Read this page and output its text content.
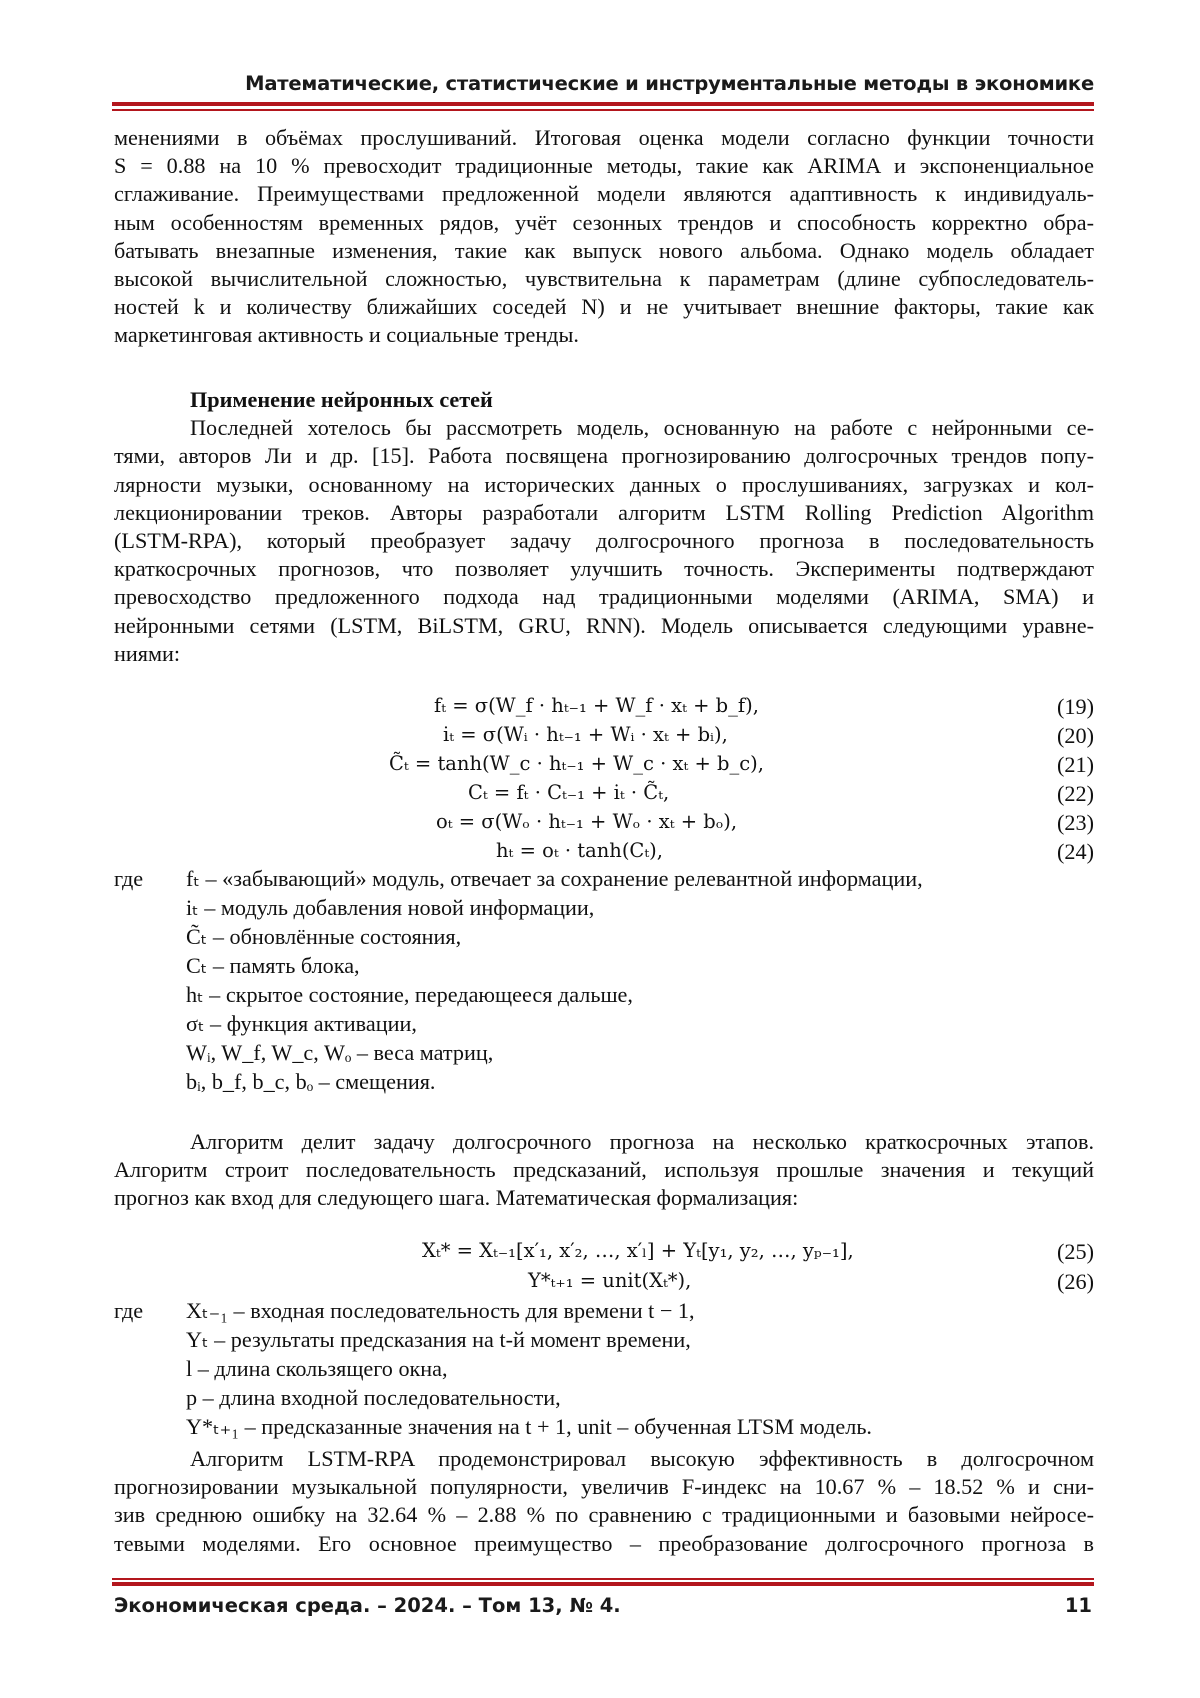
Математические, статистические и инструментальные методы в экономике
менениями в объёмах прослушиваний. Итоговая оценка модели согласно функции точности
S = 0.88 на 10 % превосходит традиционные методы, такие как ARIMA и экспоненциальное
сглаживание. Преимуществами предложенной модели являются адаптивность к индивидуаль-
ным особенностям временных рядов, учёт сезонных трендов и способность корректно обра-
батывать внезапные изменения, такие как выпуск нового альбома. Однако модель обладает
высокой вычислительной сложностью, чувствительна к параметрам (длине субпоследователь-
ностей k и количеству ближайших соседей N) и не учитывает внешние факторы, такие как
маркетинговая активность и социальные тренды.
Применение нейронных сетей
Последней хотелось бы рассмотреть модель, основанную на работе с нейронными се-
тями, авторов Ли и др. [15]. Работа посвящена прогнозированию долгосрочных трендов попу-
лярности музыки, основанному на исторических данных о прослушиваниях, загрузках и кол-
лекционировании треков. Авторы разработали алгоритм LSTM Rolling Prediction Algorithm
(LSTM-RPA), который преобразует задачу долгосрочного прогноза в последовательность
краткосрочных прогнозов, что позволяет улучшить точность. Эксперименты подтверждают
превосходство предложенного подхода над традиционными моделями (ARIMA, SMA) и
нейронными сетями (LSTM, BiLSTM, GRU, RNN). Модель описывается следующими уравне-
ниями:
fₜ = σ(W_f · hₜ₋₁ + W_f · xₜ + b_f),	(19)
iₜ = σ(Wᵢ · hₜ₋₁ + Wᵢ · xₜ + bᵢ),	(20)
C̃ₜ = tanh(W_c · hₜ₋₁ + W_c · xₜ + b_c),	(21)
Cₜ = fₜ · Cₜ₋₁ + iₜ · C̃ₜ,	(22)
oₜ = σ(Wₒ · hₜ₋₁ + Wₒ · xₜ + bₒ),	(23)
hₜ = oₜ · tanh(Cₜ),	(24)
где fₜ – «забывающий» модуль, отвечает за сохранение релевантной информации,
iₜ – модуль добавления новой информации,
C̃ₜ – обновлённые состояния,
Cₜ – память блока,
hₜ – скрытое состояние, передающееся дальше,
σₜ – функция активации,
Wᵢ, W_f, W_c, Wₒ – веса матриц,
bᵢ, b_f, b_c, bₒ – смещения.
Алгоритм делит задачу долгосрочного прогноза на несколько краткосрочных этапов.
Алгоритм строит последовательность предсказаний, используя прошлые значения и текущий
прогноз как вход для следующего шага. Математическая формализация:
Xₜ* = Xₜ₋₁[x′₁, x′₂, …, x′ₗ] + Yₜ[y₁, y₂, …, yₚ₋₁],	(25)
Y*ₜ₊₁ = unit(Xₜ*),	(26)
где Xₜ₋₁ – входная последовательность для времени t − 1,
Yₜ – результаты предсказания на t-й момент времени,
l – длина скользящего окна,
p – длина входной последовательности,
Y*ₜ₊₁ – предсказанные значения на t + 1, unit – обученная LTSM модель.
Алгоритм LSTM-RPA продемонстрировал высокую эффективность в долгосрочном
прогнозировании музыкальной популярности, увеличив F-индекс на 10.67 % – 18.52 % и сни-
зив среднюю ошибку на 32.64 % – 2.88 % по сравнению с традиционными и базовыми нейросе-
тевыми моделями. Его основное преимущество – преобразование долгосрочного прогноза в
Экономическая среда. – 2024. – Том 13, № 4.	11
